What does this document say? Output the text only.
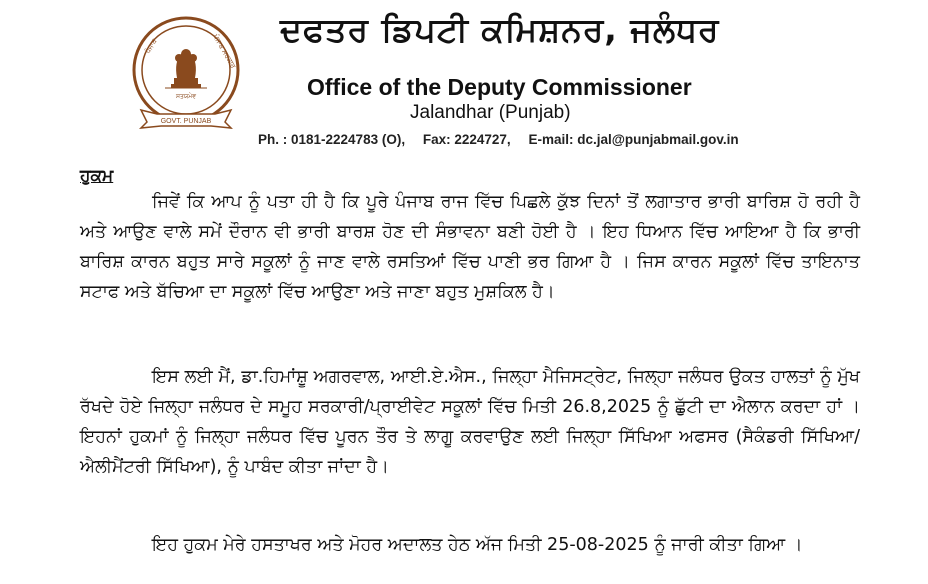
ਸਤਯਮੇਵ
ਪੰਜਾਬ	ਪੰਜਾਬ ਸਰਕਾਰ
GOVT. PUNJAB
ਦਫਤਰ ਡਿਪਟੀ ਕਮਿਸ਼ਨਰ, ਜਲੰਧਰ
Office of the Deputy Commissioner
Jalandhar (Punjab)
Ph. : 0181-2224783 (O), Fax: 2224727, E-mail: dc.jal@punjabmail.gov.in
ਹੁਕਮ
ਜਿਵੇਂ ਕਿ ਆਪ ਨੂੰ ਪਤਾ ਹੀ ਹੈ ਕਿ ਪੂਰੇ ਪੰਜਾਬ ਰਾਜ ਵਿੱਚ ਪਿਛਲੇ ਕੁੱਝ ਦਿਨਾਂ ਤੋਂ ਲਗਾਤਾਰ ਭਾਰੀ ਬਾਰਿਸ਼ ਹੋ ਰਹੀ ਹੈ ਅਤੇ ਆਉਣ ਵਾਲੇ ਸਮੇਂ ਦੌਰਾਨ ਵੀ ਭਾਰੀ ਬਾਰਸ਼ ਹੋਣ ਦੀ ਸੰਭਾਵਨਾ ਬਣੀ ਹੋਈ ਹੈ । ਇਹ ਧਿਆਨ ਵਿੱਚ ਆਇਆ ਹੈ ਕਿ ਭਾਰੀ ਬਾਰਿਸ਼ ਕਾਰਨ ਬਹੁਤ ਸਾਰੇ ਸਕੂਲਾਂ ਨੂੰ ਜਾਣ ਵਾਲੇ ਰਸਤਿਆਂ ਵਿੱਚ ਪਾਣੀ ਭਰ ਗਿਆ ਹੈ । ਜਿਸ ਕਾਰਨ ਸਕੂਲਾਂ ਵਿੱਚ ਤਾਇਨਾਤ ਸਟਾਫ ਅਤੇ ਬੱਚਿਆ ਦਾ ਸਕੂਲਾਂ ਵਿੱਚ ਆਉਣਾ ਅਤੇ ਜਾਣਾ ਬਹੁਤ ਮੁਸ਼ਕਿਲ ਹੈ।
ਇਸ ਲਈ ਮੈਂ, ਡਾ.ਹਿਮਾਂਸ਼ੂ ਅਗਰਵਾਲ, ਆਈ.ਏ.ਐਸ., ਜਿਲ੍ਹਾ ਮੈਜਿਸਟ੍ਰੇਟ, ਜਿਲ੍ਹਾ ਜਲੰਧਰ ਉਕਤ ਹਾਲਤਾਂ ਨੂੰ ਮੁੱਖ ਰੱਖਦੇ ਹੋਏ ਜਿਲ੍ਹਾ ਜਲੰਧਰ ਦੇ ਸਮੂਹ ਸਰਕਾਰੀ/ਪ੍ਰਾਈਵੇਟ ਸਕੂਲਾਂ ਵਿੱਚ ਮਿਤੀ 26.8,2025 ਨੂੰ ਛੁੱਟੀ ਦਾ ਐਲਾਨ ਕਰਦਾ ਹਾਂ । ਇਹਨਾਂ ਹੁਕਮਾਂ ਨੂੰ ਜਿਲ੍ਹਾ ਜਲੰਧਰ ਵਿੱਚ ਪੂਰਨ ਤੌਰ ਤੇ ਲਾਗੂ ਕਰਵਾਉਣ ਲਈ ਜਿਲ੍ਹਾ ਸਿੱਖਿਆ ਅਫਸਰ (ਸੈਕੰਡਰੀ ਸਿੱਖਿਆ/ਐਲੀਮੈਂਟਰੀ ਸਿੱਖਿਆ), ਨੂੰ ਪਾਬੰਦ ਕੀਤਾ ਜਾਂਦਾ ਹੈ।
ਇਹ ਹੁਕਮ ਮੇਰੇ ਹਸਤਾਖਰ ਅਤੇ ਮੋਹਰ ਅਦਾਲਤ ਹੇਠ ਅੱਜ ਮਿਤੀ 25-08-2025 ਨੂੰ ਜਾਰੀ ਕੀਤਾ ਗਿਆ ।
